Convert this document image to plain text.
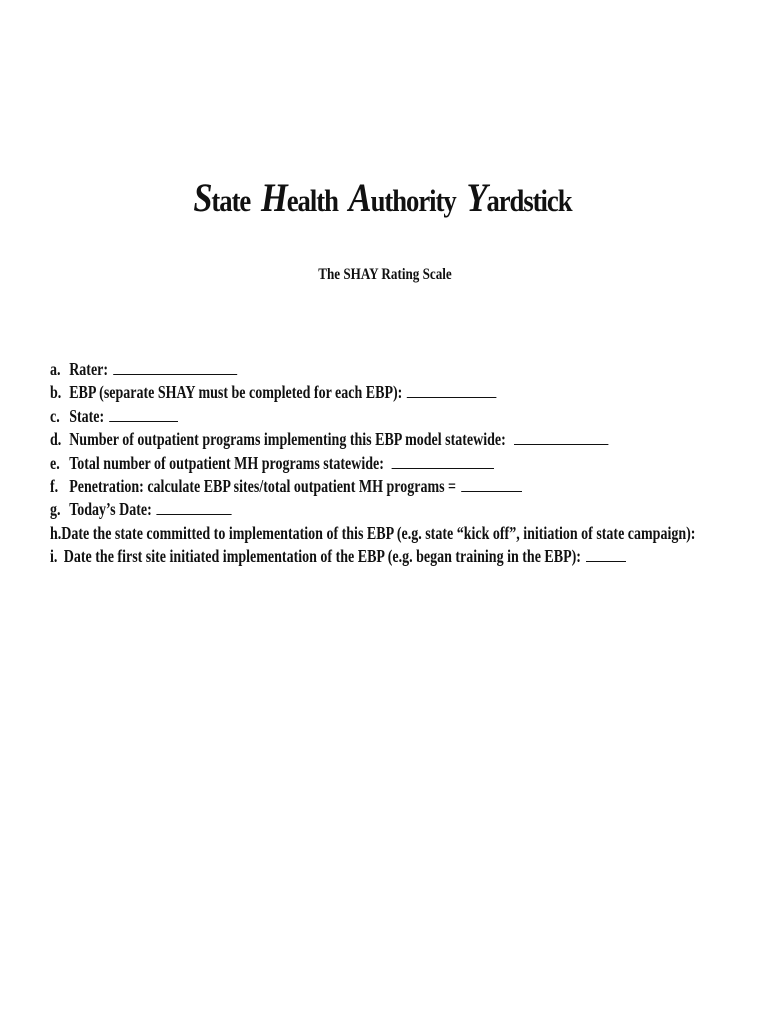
State Health Authority Yardstick
The SHAY Rating Scale
a. Rater:
b. EBP (separate SHAY must be completed for each EBP):
c. State:
d. Number of outpatient programs implementing this EBP model statewide:
e. Total number of outpatient MH programs statewide:
f. Penetration: calculate EBP sites/total outpatient MH programs =
g. Today’s Date:
h. Date the state committed to implementation of this EBP (e.g. state “kick off”, initiation of state campaign):
i. Date the first site initiated implementation of the EBP (e.g. began training in the EBP):
